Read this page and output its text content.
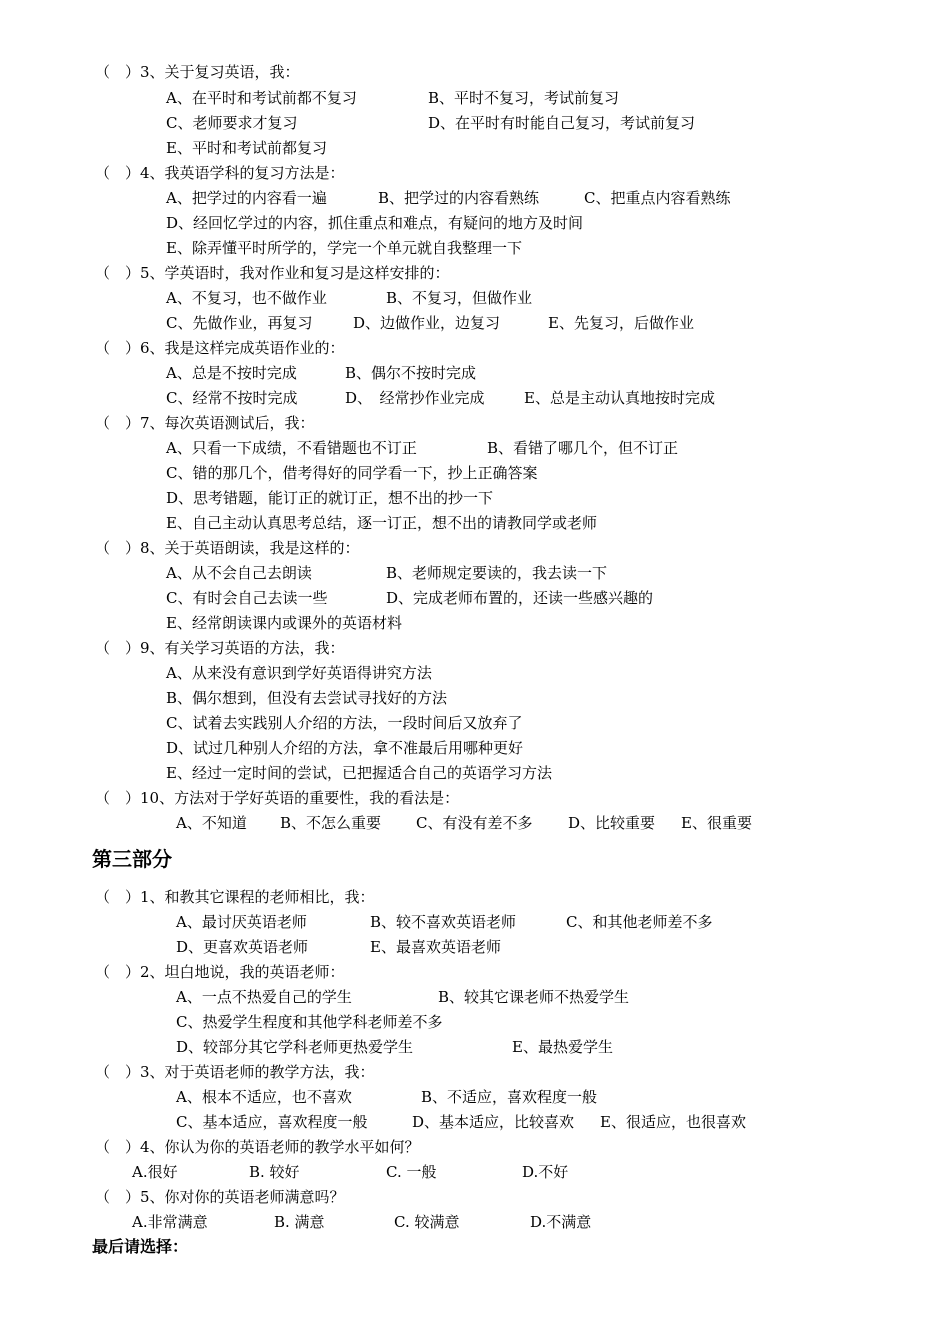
（　）3、关于复习英语，我：
A、在平时和考试前都不复习	B、平时不复习，考试前复习
C、老师要求才复习	D、在平时有时能自己复习，考试前复习
E、平时和考试前都复习
（　）4、我英语学科的复习方法是：
A、把学过的内容看一遍	B、把学过的内容看熟练	C、把重点内容看熟练
D、经回忆学过的内容，抓住重点和难点，有疑问的地方及时间
E、除弄懂平时所学的，学完一个单元就自我整理一下
（　）5、学英语时，我对作业和复习是这样安排的：
A、不复习，也不做作业	B、不复习，但做作业
C、先做作业，再复习	D、边做作业，边复习	E、先复习，后做作业
（　）6、我是这样完成英语作业的：
A、总是不按时完成	B、偶尔不按时完成
C、经常不按时完成	D、　经常抄作业完成	E、总是主动认真地按时完成
（　）7、每次英语测试后，我：
A、只看一下成绩，不看错题也不订正	B、看错了哪几个，但不订正
C、错的那几个，借考得好的同学看一下，抄上正确答案
D、思考错题，能订正的就订正，想不出的抄一下
E、自己主动认真思考总结，逐一订正，想不出的请教同学或老师
（　）8、关于英语朗读，我是这样的：
A、从不会自己去朗读	B、老师规定要读的，我去读一下
C、有时会自己去读一些	D、完成老师布置的，还读一些感兴趣的
E、经常朗读课内或课外的英语材料
（　）9、有关学习英语的方法，我：
A、从来没有意识到学好英语得讲究方法
B、偶尔想到，但没有去尝试寻找好的方法
C、试着去实践别人介绍的方法，一段时间后又放弃了
D、试过几种别人介绍的方法，拿不准最后用哪种更好
E、经过一定时间的尝试，已把握适合自己的英语学习方法
（　）10、方法对于学好英语的重要性，我的看法是：
A、不知道 B、不怎么重要 C、有没有差不多 D、比较重要 E、很重要
第三部分
（　）1、和教其它课程的老师相比，我：
A、最讨厌英语老师	B、较不喜欢英语老师	C、和其他老师差不多
D、更喜欢英语老师	E、最喜欢英语老师
（　）2、坦白地说，我的英语老师：
A、一点不热爱自己的学生	B、较其它课老师不热爱学生
C、热爱学生程度和其他学科老师差不多
D、较部分其它学科老师更热爱学生	E、最热爱学生
（　）3、对于英语老师的教学方法，我：
A、根本不适应，也不喜欢	B、不适应，喜欢程度一般
C、基本适应，喜欢程度一般	D、基本适应，比较喜欢 E、很适应，也很喜欢
（　）4、你认为你的英语老师的教学水平如何？
A.很好	B. 较好	C. 一般	D.不好
（　）5、你对你的英语老师满意吗？
A.非常满意	B. 满意	C. 较满意	D.不满意
最后请选择：
